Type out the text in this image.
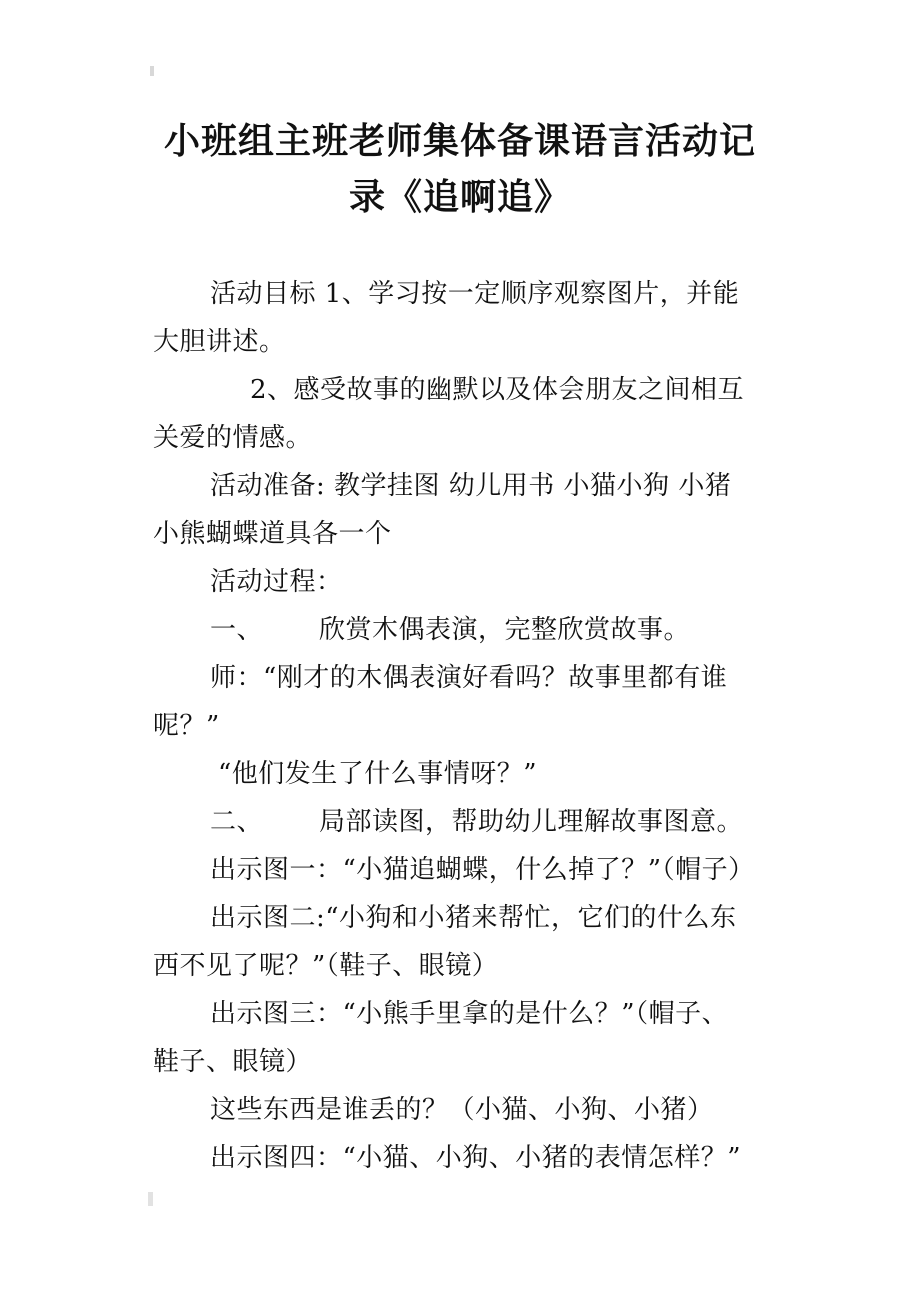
小班组主班老师集体备课语言活动记
录《追啊追》
活动目标 1、学习按一定顺序观察图片，并能
大胆讲述。
2、感受故事的幽默以及体会朋友之间相互
关爱的情感。
活动准备: 教学挂图 幼儿用书 小猫小狗 小猪
小熊蝴蝶道具各一个
活动过程：
一、 欣赏木偶表演，完整欣赏故事。
师：“刚才的木偶表演好看吗？故事里都有谁
呢？”
“他们发生了什么事情呀？”
二、 局部读图，帮助幼儿理解故事图意。
出示图一：“小猫追蝴蝶，什么掉了？”（帽子）
出示图二:“小狗和小猪来帮忙，它们的什么东
西不见了呢？”（鞋子、眼镜）
出示图三：“小熊手里拿的是什么？”（帽子、
鞋子、眼镜）
这些东西是谁丢的？（小猫、小狗、小猪）
出示图四：“小猫、小狗、小猪的表情怎样？”
